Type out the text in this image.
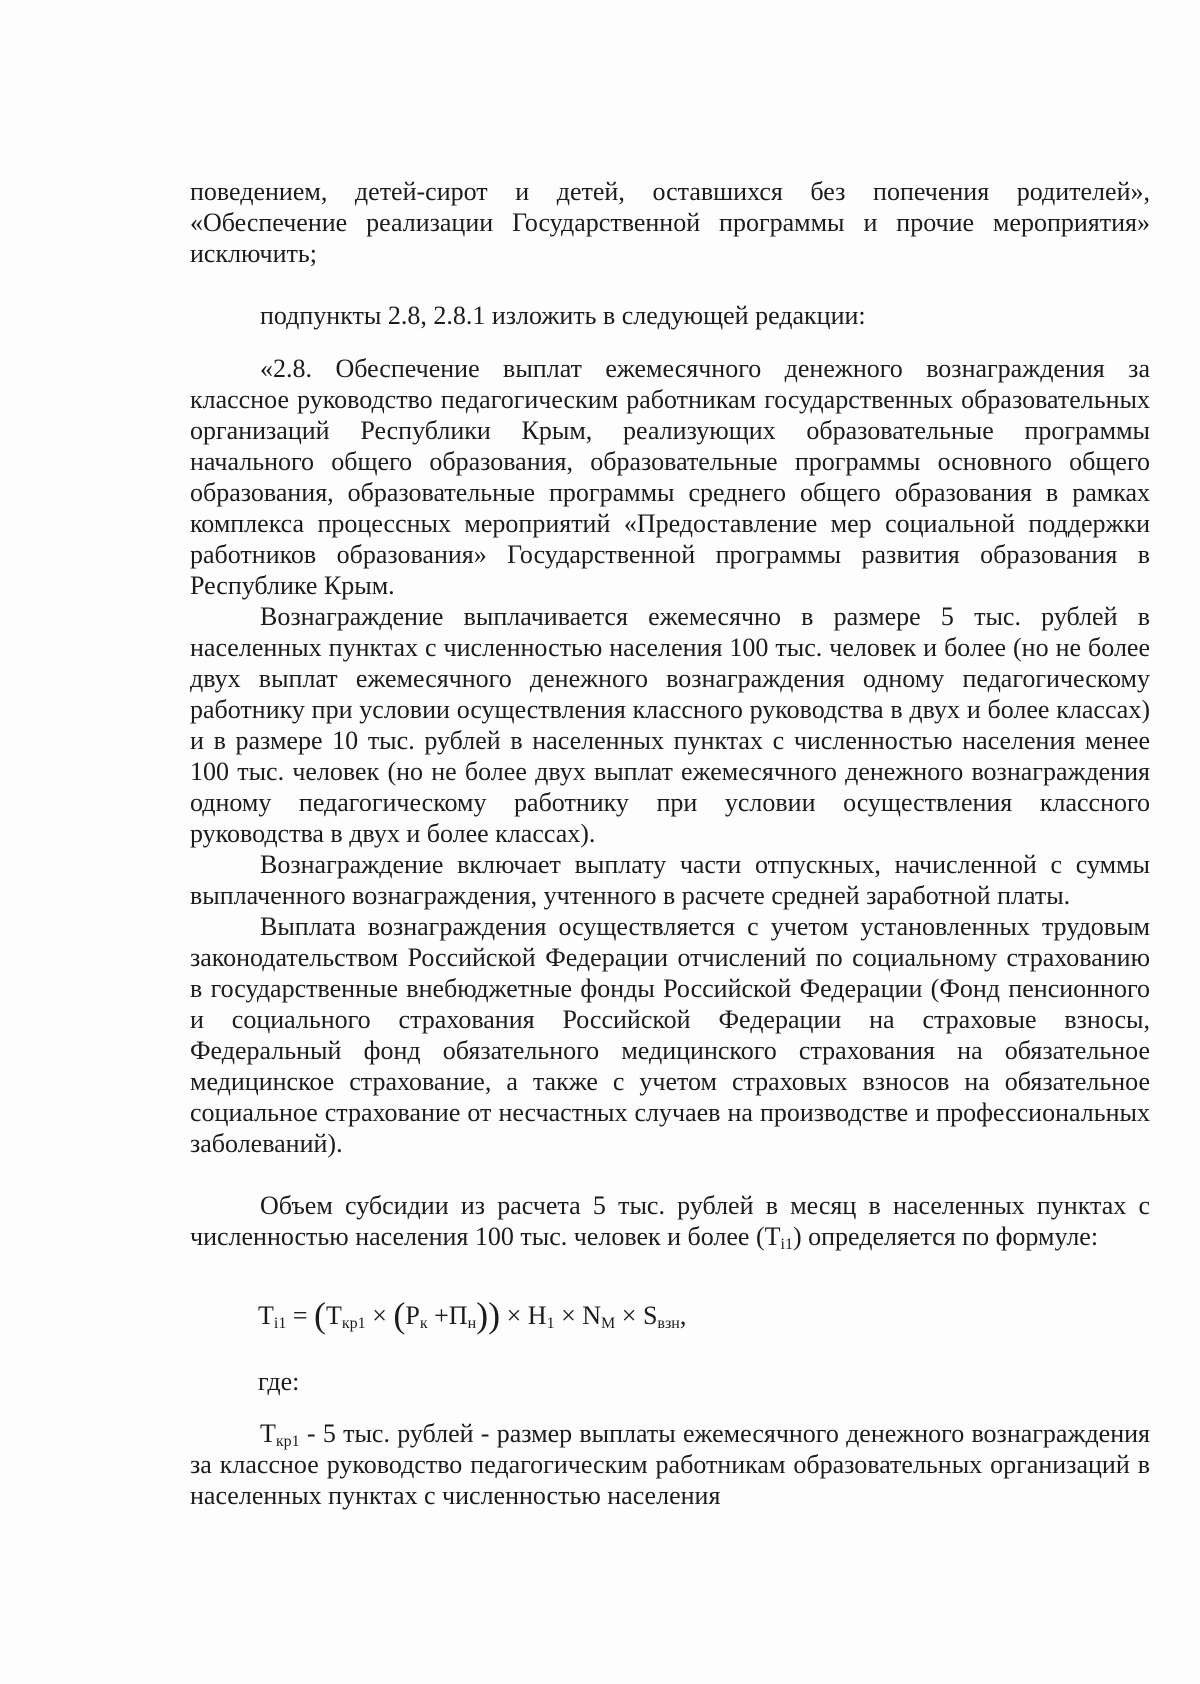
поведением, детей-сирот и детей, оставшихся без попечения родителей», «Обеспечение реализации Государственной программы и прочие мероприятия» исключить;

подпункты 2.8, 2.8.1 изложить в следующей редакции:

«2.8. Обеспечение выплат ежемесячного денежного вознаграждения за классное руководство педагогическим работникам государственных образовательных организаций Республики Крым, реализующих образовательные программы начального общего образования, образовательные программы основного общего образования, образовательные программы среднего общего образования в рамках комплекса процессных мероприятий «Предоставление мер социальной поддержки работников образования» Государственной программы развития образования в Республике Крым.

Вознаграждение выплачивается ежемесячно в размере 5 тыс. рублей в населенных пунктах с численностью населения 100 тыс. человек и более (но не более двух выплат ежемесячного денежного вознаграждения одному педагогическому работнику при условии осуществления классного руководства в двух и более классах) и в размере 10 тыс. рублей в населенных пунктах с численностью населения менее 100 тыс. человек (но не более двух выплат ежемесячного денежного вознаграждения одному педагогическому работнику при условии осуществления классного руководства в двух и более классах).

Вознаграждение включает выплату части отпускных, начисленной с суммы выплаченного вознаграждения, учтенного в расчете средней заработной платы.

Выплата вознаграждения осуществляется с учетом установленных трудовым законодательством Российской Федерации отчислений по социальному страхованию в государственные внебюджетные фонды Российской Федерации (Фонд пенсионного и социального страхования Российской Федерации на страховые взносы, Федеральный фонд обязательного медицинского страхования на обязательное медицинское страхование, а также с учетом страховых взносов на обязательное социальное страхование от несчастных случаев на производстве и профессиональных заболеваний).

Объем субсидии из расчета 5 тыс. рублей в месяц в населенных пунктах с численностью населения 100 тыс. человек и более $(T_{i1})$ определяется по формуле:

$T_{i1} = (T_{кр1} \times (P_к +П_н)) \times H_1 \times N_M \times S_{взн}$,
где:

$T_{кр1} - 5$ тыс. рублей - размер выплаты ежемесячного денежного вознаграждения за классное руководство педагогическим работникам образовательных организаций в населенных пунктах с численностью населения
